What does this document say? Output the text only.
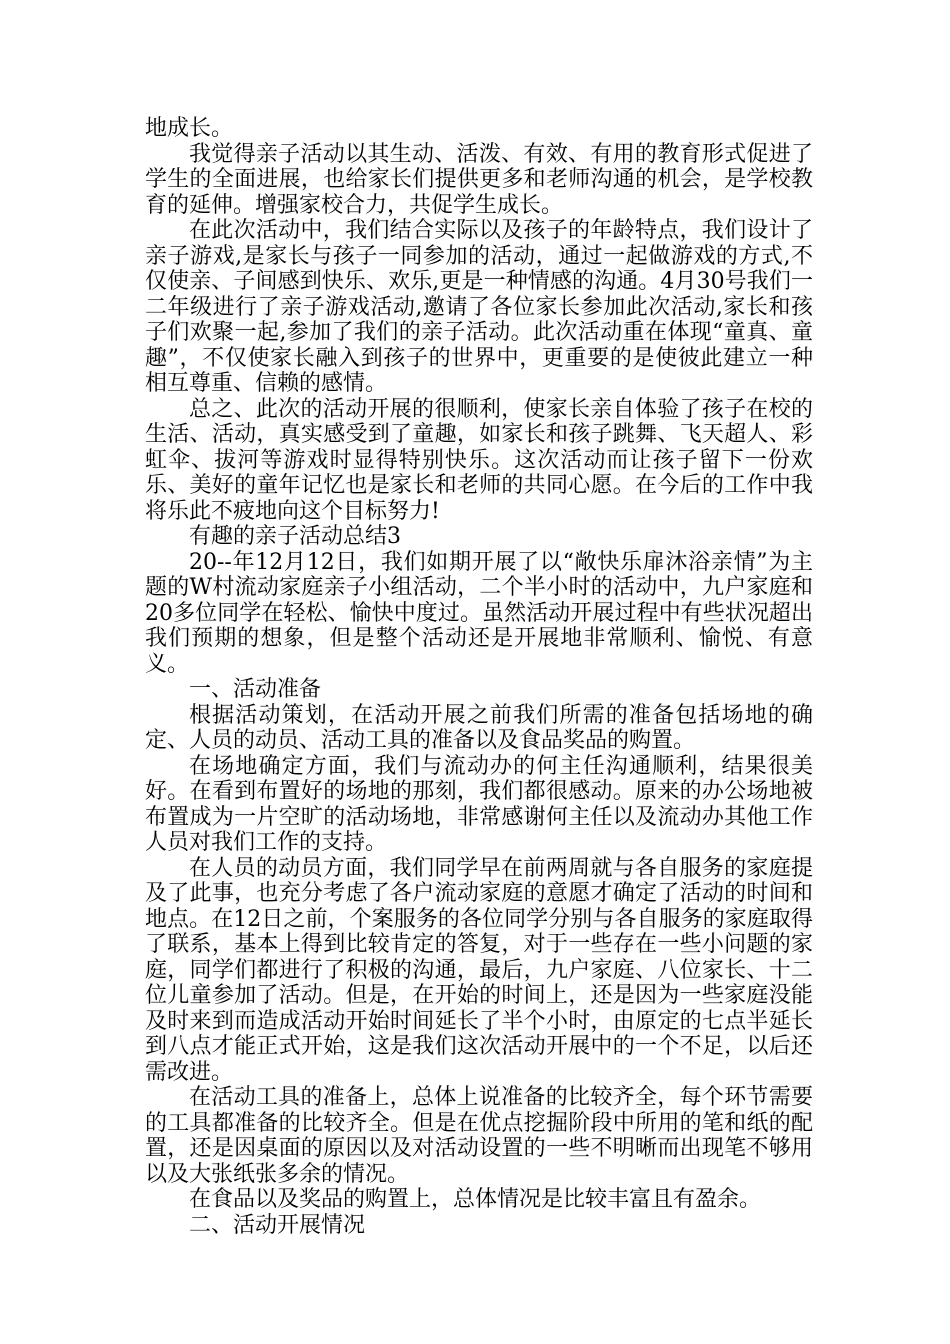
地成长。

我觉得亲子活动以其生动、活泼、有效、有用的教育形式促进了学生的全面进展，也给家长们提供更多和老师沟通的机会，是学校教育的延伸。增强家校合力，共促学生成长。

在此次活动中，我们结合实际以及孩子的年龄特点，我们设计了亲子游戏,是家长与孩子一同参加的活动，通过一起做游戏的方式,不仅使亲、子间感到快乐、欢乐,更是一种情感的沟通。4月30号我们一二年级进行了亲子游戏活动,邀请了各位家长参加此次活动,家长和孩子们欢聚一起,参加了我们的亲子活动。此次活动重在体现“童真、童趣”，不仅使家长融入到孩子的世界中，更重要的是使彼此建立一种相互尊重、信赖的感情。

总之、此次的活动开展的很顺利，使家长亲自体验了孩子在校的生活、活动，真实感受到了童趣，如家长和孩子跳舞、飞天超人、彩虹伞、拔河等游戏时显得特别快乐。这次活动而让孩子留下一份欢乐、美好的童年记忆也是家长和老师的共同心愿。在今后的工作中我将乐此不疲地向这个目标努力!

有趣的亲子活动总结3

20--年12月12日，我们如期开展了以“敞快乐扉沐浴亲情”为主题的W村流动家庭亲子小组活动，二个半小时的活动中，九户家庭和20多位同学在轻松、愉快中度过。虽然活动开展过程中有些状况超出我们预期的想象，但是整个活动还是开展地非常顺利、愉悦、有意义。

一、活动准备

根据活动策划，在活动开展之前我们所需的准备包括场地的确定、人员的动员、活动工具的准备以及食品奖品的购置。

在场地确定方面，我们与流动办的何主任沟通顺利，结果很美好。在看到布置好的场地的那刻，我们都很感动。原来的办公场地被布置成为一片空旷的活动场地，非常感谢何主任以及流动办其他工作人员对我们工作的支持。

在人员的动员方面，我们同学早在前两周就与各自服务的家庭提及了此事，也充分考虑了各户流动家庭的意愿才确定了活动的时间和地点。在12日之前，个案服务的各位同学分别与各自服务的家庭取得了联系，基本上得到比较肯定的答复，对于一些存在一些小问题的家庭，同学们都进行了积极的沟通，最后，九户家庭、八位家长、十二位儿童参加了活动。但是，在开始的时间上，还是因为一些家庭没能及时来到而造成活动开始时间延长了半个小时，由原定的七点半延长到八点才能正式开始，这是我们这次活动开展中的一个不足，以后还需改进。

在活动工具的准备上，总体上说准备的比较齐全，每个环节需要的工具都准备的比较齐全。但是在优点挖掘阶段中所用的笔和纸的配置，还是因桌面的原因以及对活动设置的一些不明晰而出现笔不够用以及大张纸张多余的情况。

在食品以及奖品的购置上，总体情况是比较丰富且有盈余。

二、活动开展情况
